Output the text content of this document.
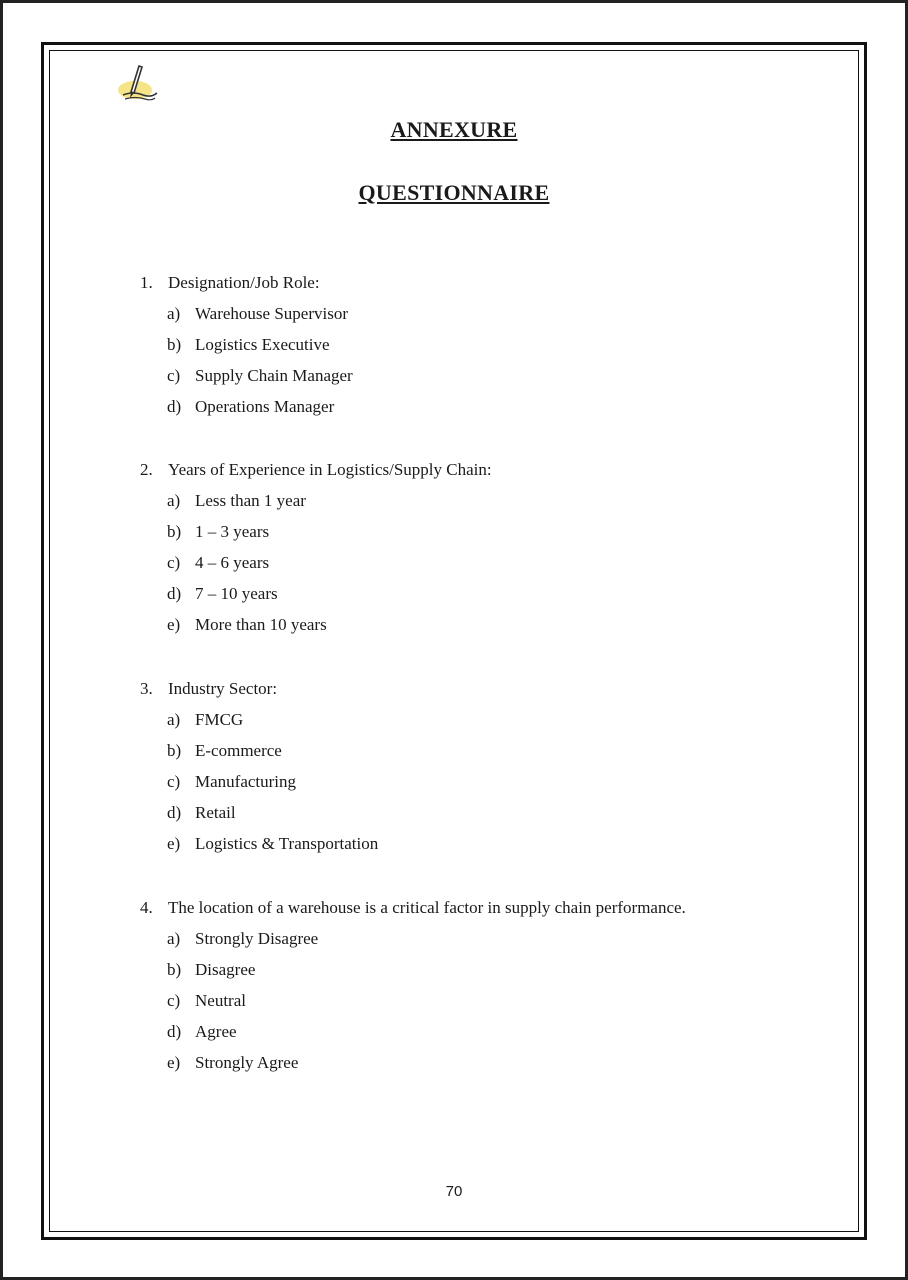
ANNEXURE
QUESTIONNAIRE
1. Designation/Job Role:
a) Warehouse Supervisor
b) Logistics Executive
c) Supply Chain Manager
d) Operations Manager
2. Years of Experience in Logistics/Supply Chain:
a) Less than 1 year
b) 1 – 3 years
c) 4 – 6 years
d) 7 – 10 years
e) More than 10 years
3. Industry Sector:
a) FMCG
b) E-commerce
c) Manufacturing
d) Retail
e) Logistics & Transportation
4. The location of a warehouse is a critical factor in supply chain performance.
a) Strongly Disagree
b) Disagree
c) Neutral
d) Agree
e) Strongly Agree
70
